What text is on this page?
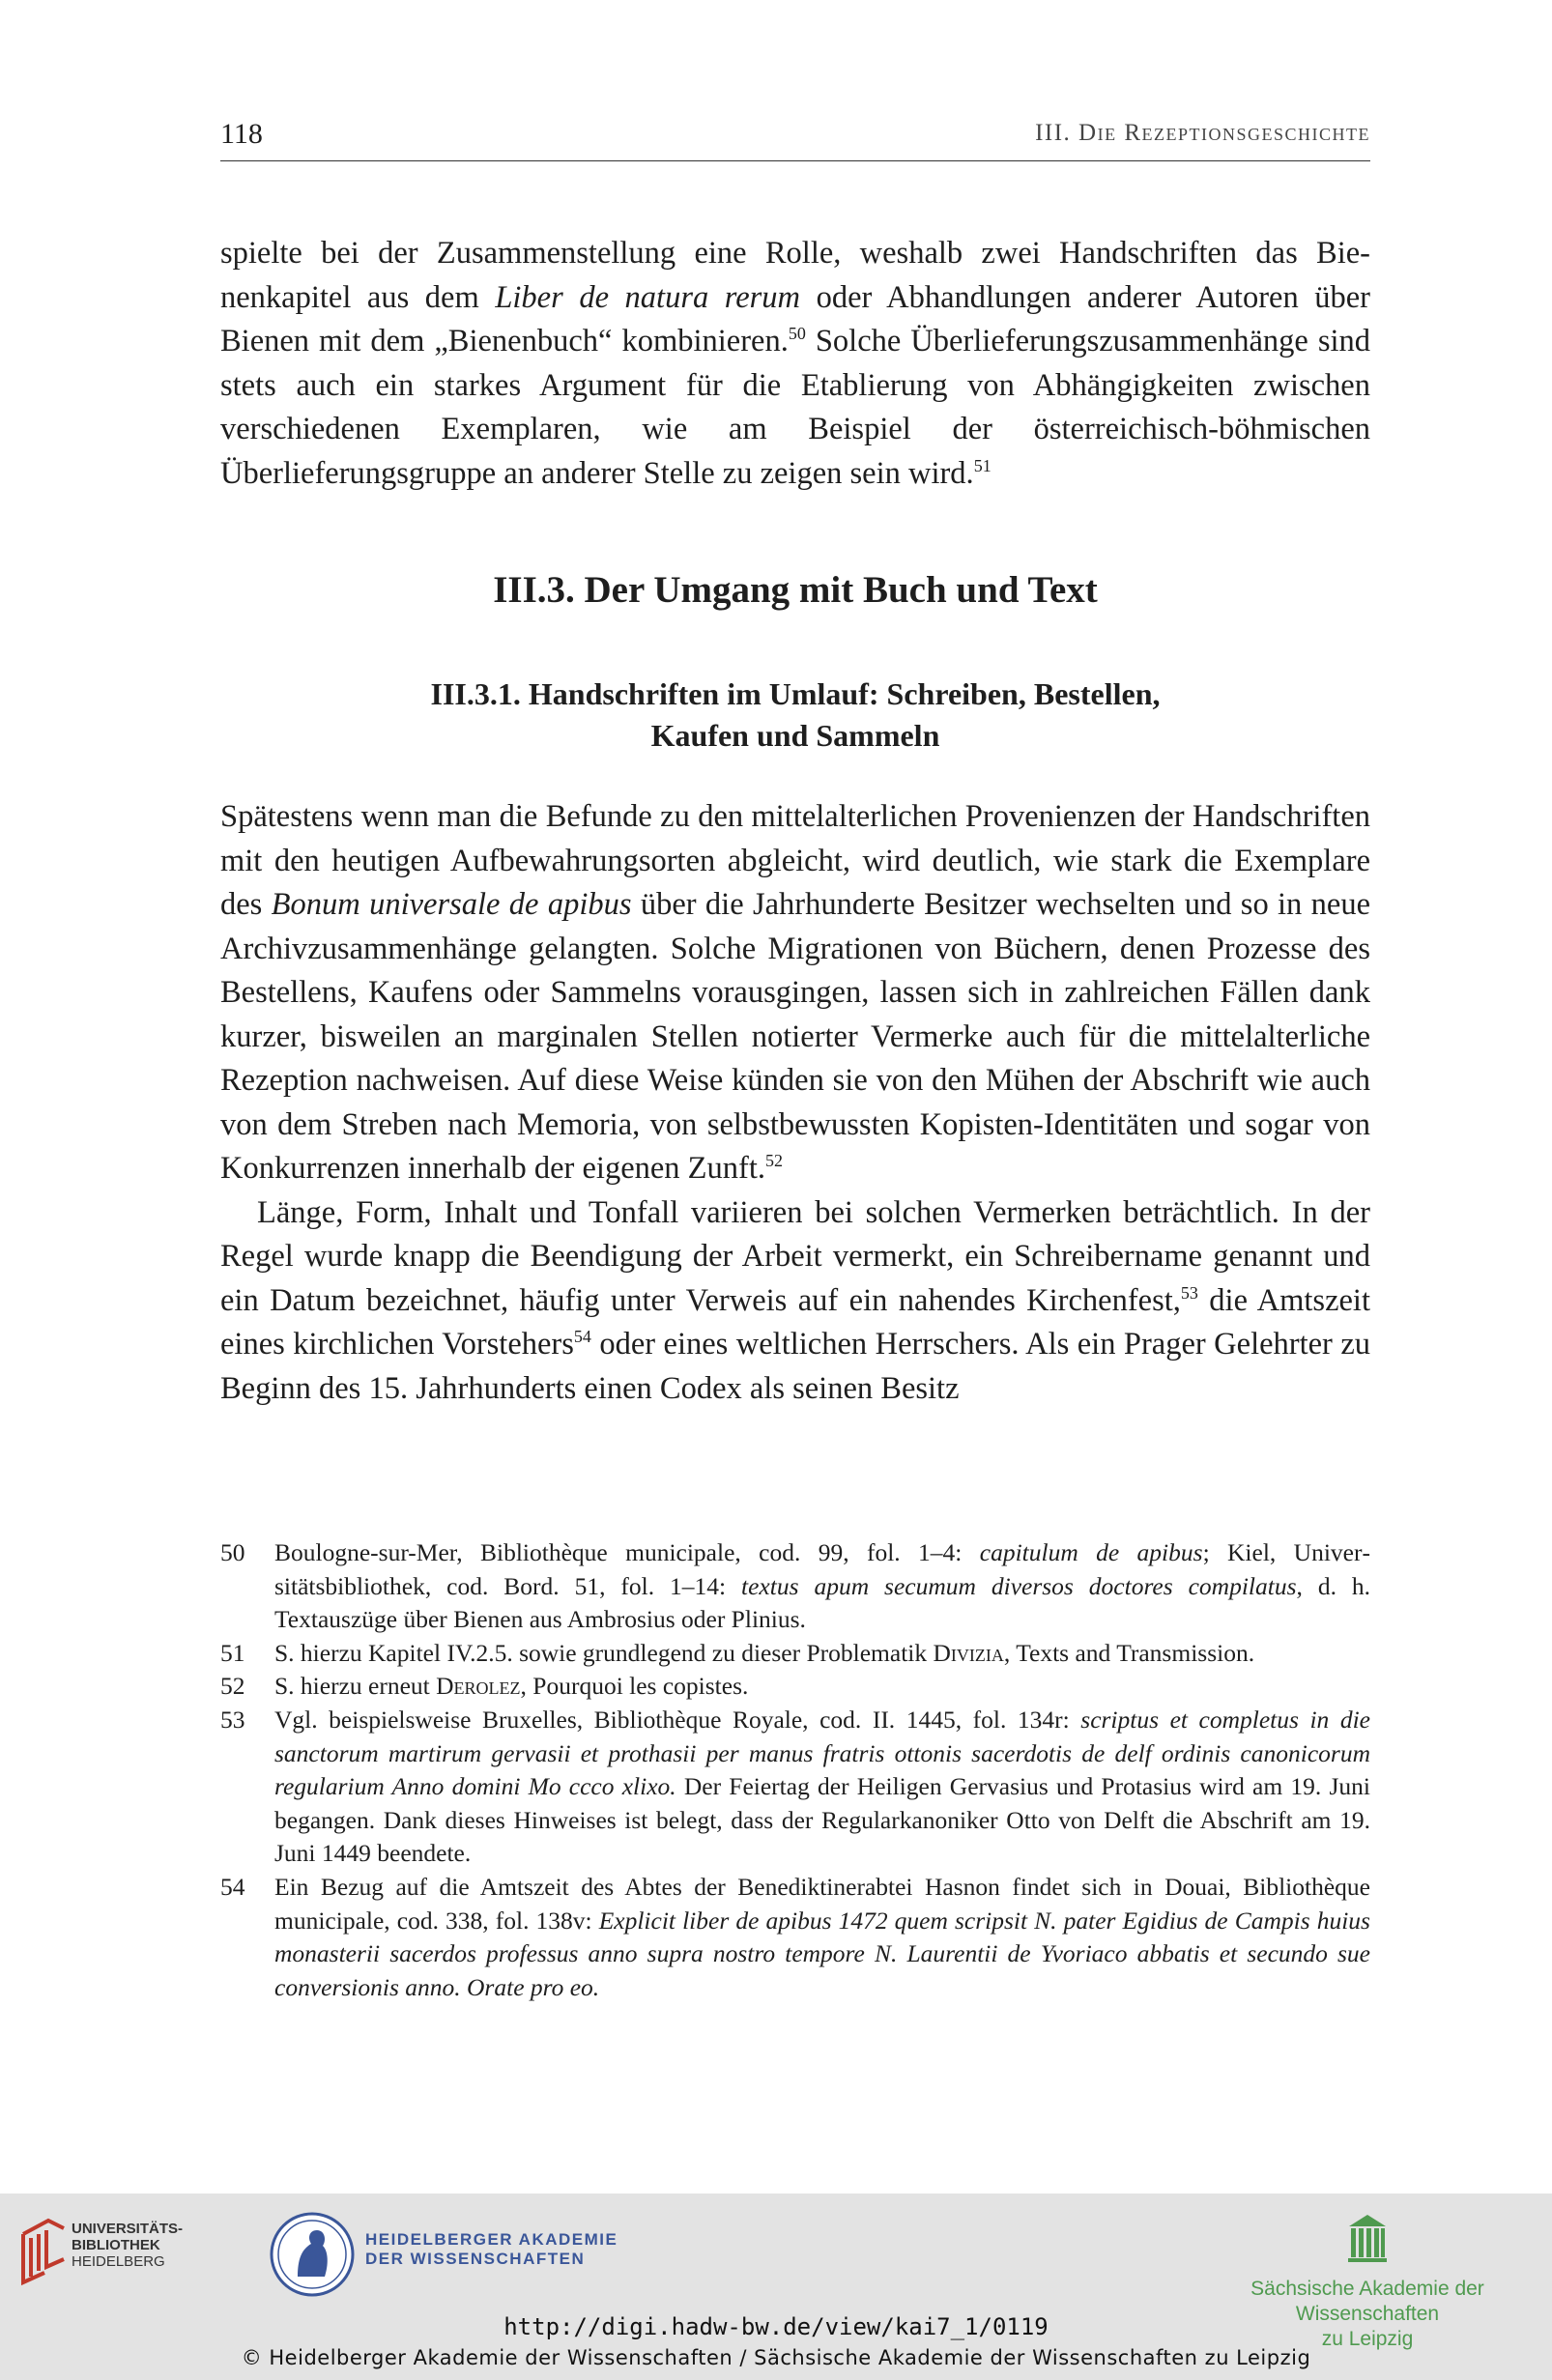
118	III. Die Rezeptionsgeschichte

spielte bei der Zusammenstellung eine Rolle, weshalb zwei Handschriften das Bienenkapitel aus dem Liber de natura rerum oder Abhandlungen anderer Autoren über Bienen mit dem „Bienenbuch“ kombinieren.$^{50}$ Solche Überlieferungszusammenhänge sind stets auch ein starkes Argument für die Etablierung von Abhängigkeiten zwischen verschiedenen Exemplaren, wie am Beispiel der österreichisch-böhmischen Überlieferungsgruppe an anderer Stelle zu zeigen sein wird.$^{51}$

III.3. Der Umgang mit Buch und Text
III.3.1. Handschriften im Umlauf: Schreiben, Bestellen,
Kaufen und Sammeln

Spätestens wenn man die Befunde zu den mittelalterlichen Provenienzen der Handschriften mit den heutigen Aufbewahrungsorten abgleicht, wird deutlich, wie stark die Exemplare des Bonum universale de apibus über die Jahrhunderte Besitzer wechselten und so in neue Archivzusammenhänge gelangten. Solche Migrationen von Büchern, denen Prozesse des Bestellens, Kaufens oder Sammelns vorausgingen, lassen sich in zahlreichen Fällen dank kurzer, bisweilen an marginalen Stellen notierter Vermerke auch für die mittelalterliche Rezeption nachweisen. Auf diese Weise künden sie von den Mühen der Abschrift wie auch von dem Streben nach Memoria, von selbstbewussten Kopisten-Identitäten und sogar von Konkurrenzen innerhalb der eigenen Zunft.$^{52}$

Länge, Form, Inhalt und Tonfall variieren bei solchen Vermerken beträchtlich. In der Regel wurde knapp die Beendigung der Arbeit vermerkt, ein Schreibername genannt und ein Datum bezeichnet, häufig unter Verweis auf ein nahendes Kirchenfest,$^{53}$ die Amtszeit eines kirchlichen Vorstehers$^{54}$ oder eines weltlichen Herrschers. Als ein Prager Gelehrter zu Beginn des 15. Jahrhunderts einen Codex als seinen Besitz

50 Boulogne-sur-Mer, Bibliothèque municipale, cod. 99, fol. 1–4: capitulum de apibus; Kiel, Universitätsbibliothek, cod. Bord. 51, fol. 1–14: textus apum secumum diversos doctores compilatus, d. h. Textauszüge über Bienen aus Ambrosius oder Plinius.
51 S. hierzu Kapitel IV.2.5. sowie grundlegend zu dieser Problematik Divizia, Texts and Transmission.
52 S. hierzu erneut Derolez, Pourquoi les copistes.
53 Vgl. beispielsweise Bruxelles, Bibliothèque Royale, cod. II. 1445, fol. 134r: scriptus et completus in die sanctorum martirum gervasii et prothasii per manus fratris ottonis sacerdotis de delf ordinis canonicorum regularium Anno domini Mo ccco xlixo. Der Feiertag der Heiligen Gervasius und Protasius wird am 19. Juni begangen. Dank dieses Hinweises ist belegt, dass der Regularkanoniker Otto von Delft die Abschrift am 19. Juni 1449 beendete.
54 Ein Bezug auf die Amtszeit des Abtes der Benediktinerabtei Hasnon findet sich in Douai, Bibliothèque municipale, cod. 338, fol. 138v: Explicit liber de apibus 1472 quem scripsit N. pater Egidius de Campis huius monasterii sacerdos professus anno supra nostro tempore N. Laurentii de Yvoriaco abbatis et secundo sue conversionis anno. Orate pro eo.
UNIVERSITÄTS-
BIBLIOTHEK
HEIDELBERG
HEIDELBERGER AKADEMIE
DER WISSENSCHAFTEN
Sächsische Akademie der Wissenschaften
zu Leipzig
http://digi.hadw-bw.de/view/kai7_1/0119
© Heidelberger Akademie der Wissenschaften / Sächsische Akademie der Wissenschaften zu Leipzig
